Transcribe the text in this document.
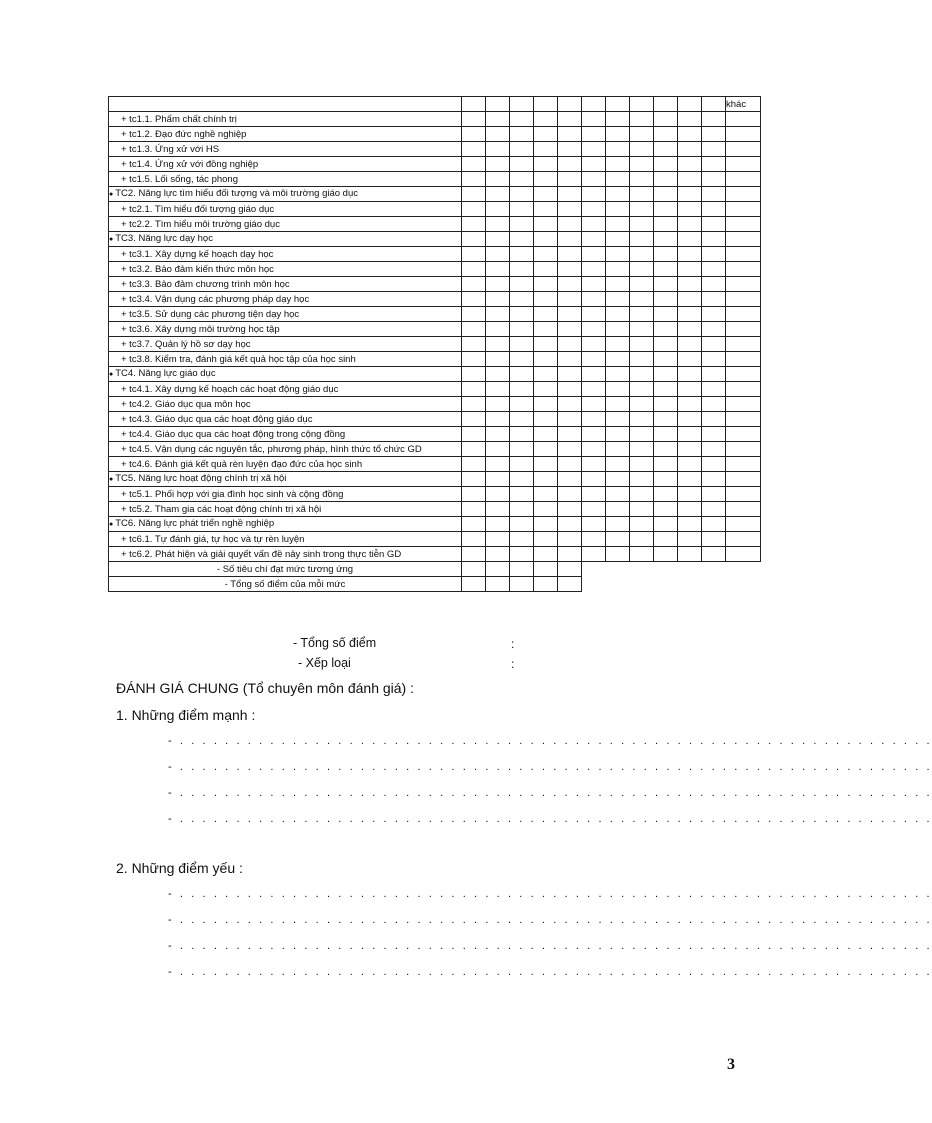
												khác
+ tc1.1. Phẩm chất chính trị												
+ tc1.2. Đạo đức nghề nghiệp												
+ tc1.3. Ứng xử với HS												
+ tc1.4. Ứng xử với đồng nghiệp												
+ tc1.5. Lối sống, tác phong												
● TC2. Năng lực tìm hiểu đối tượng và môi trường giáo dục												
+ tc2.1. Tìm hiểu đối tượng giáo dục												
+ tc2.2. Tìm hiểu môi trường giáo dục												
● TC3. Năng lực dạy học												
+ tc3.1. Xây dựng kế hoạch dạy học												
+ tc3.2. Bảo đảm kiến thức môn học												
+ tc3.3. Bảo đảm chương trình môn học												
+ tc3.4. Vận dụng các phương pháp dạy học												
+ tc3.5. Sử dụng các phương tiện dạy học												
+ tc3.6. Xây dựng môi trường học tập												
+ tc3.7. Quản lý hồ sơ dạy học												
+ tc3.8. Kiểm tra, đánh giá kết quả học tập của học sinh												
● TC4. Năng lực giáo dục												
+ tc4.1. Xây dựng kế hoạch các hoạt động giáo dục												
+ tc4.2. Giáo dục qua môn học												
+ tc4.3. Giáo dục qua các hoạt động giáo dục												
+ tc4.4. Giáo dục qua các hoạt động trong cộng đồng												
+ tc4.5. Vận dụng các nguyên tắc, phương pháp, hình thức tổ chức GD												
+ tc4.6. Đánh giá kết quả rèn luyện đạo đức của học sinh												
● TC5. Năng lực hoạt động chính trị xã hội												
+ tc5.1. Phối hợp với gia đình học sinh và cộng đồng												
+ tc5.2. Tham gia các hoạt động chính trị xã hội												
● TC6. Năng lực phát triển nghề nghiệp												
+ tc6.1. Tự đánh giá, tự học và tự rèn luyện												
+ tc6.2. Phát hiện và giải quyết vấn đề nảy sinh trong thực tiễn GD												
- Số tiêu chí đạt mức tương ứng												
- Tổng số điểm của mỗi mức												
- Tổng số điểm	:
- Xếp loại	:
ĐÁNH GIÁ CHUNG (Tổ chuyên môn đánh giá) :
1. Những điểm mạnh :
- . . . . . . . . . . . . . . . . . . . . . . . . . . . . . . . . . . . . . . . . . . . . . . . . . . . . . . . . . . . . . . . . . . .
- . . . . . . . . . . . . . . . . . . . . . . . . . . . . . . . . . . . . . . . . . . . . . . . . . . . . . . . . . . . . . . . . . . .
- . . . . . . . . . . . . . . . . . . . . . . . . . . . . . . . . . . . . . . . . . . . . . . . . . . . . . . . . . . . . . . . . . . .
- . . . . . . . . . . . . . . . . . . . . . . . . . . . . . . . . . . . . . . . . . . . . . . . . . . . . . . . . . . . . . . . . . . .
2. Những điểm yếu :
- . . . . . . . . . . . . . . . . . . . . . . . . . . . . . . . . . . . . . . . . . . . . . . . . . . . . . . . . . . . . . . . . . . .
- . . . . . . . . . . . . . . . . . . . . . . . . . . . . . . . . . . . . . . . . . . . . . . . . . . . . . . . . . . . . . . . . . . .
- . . . . . . . . . . . . . . . . . . . . . . . . . . . . . . . . . . . . . . . . . . . . . . . . . . . . . . . . . . . . . . . . . . .
- . . . . . . . . . . . . . . . . . . . . . . . . . . . . . . . . . . . . . . . . . . . . . . . . . . . . . . . . . . . . . . . . . . .
3
